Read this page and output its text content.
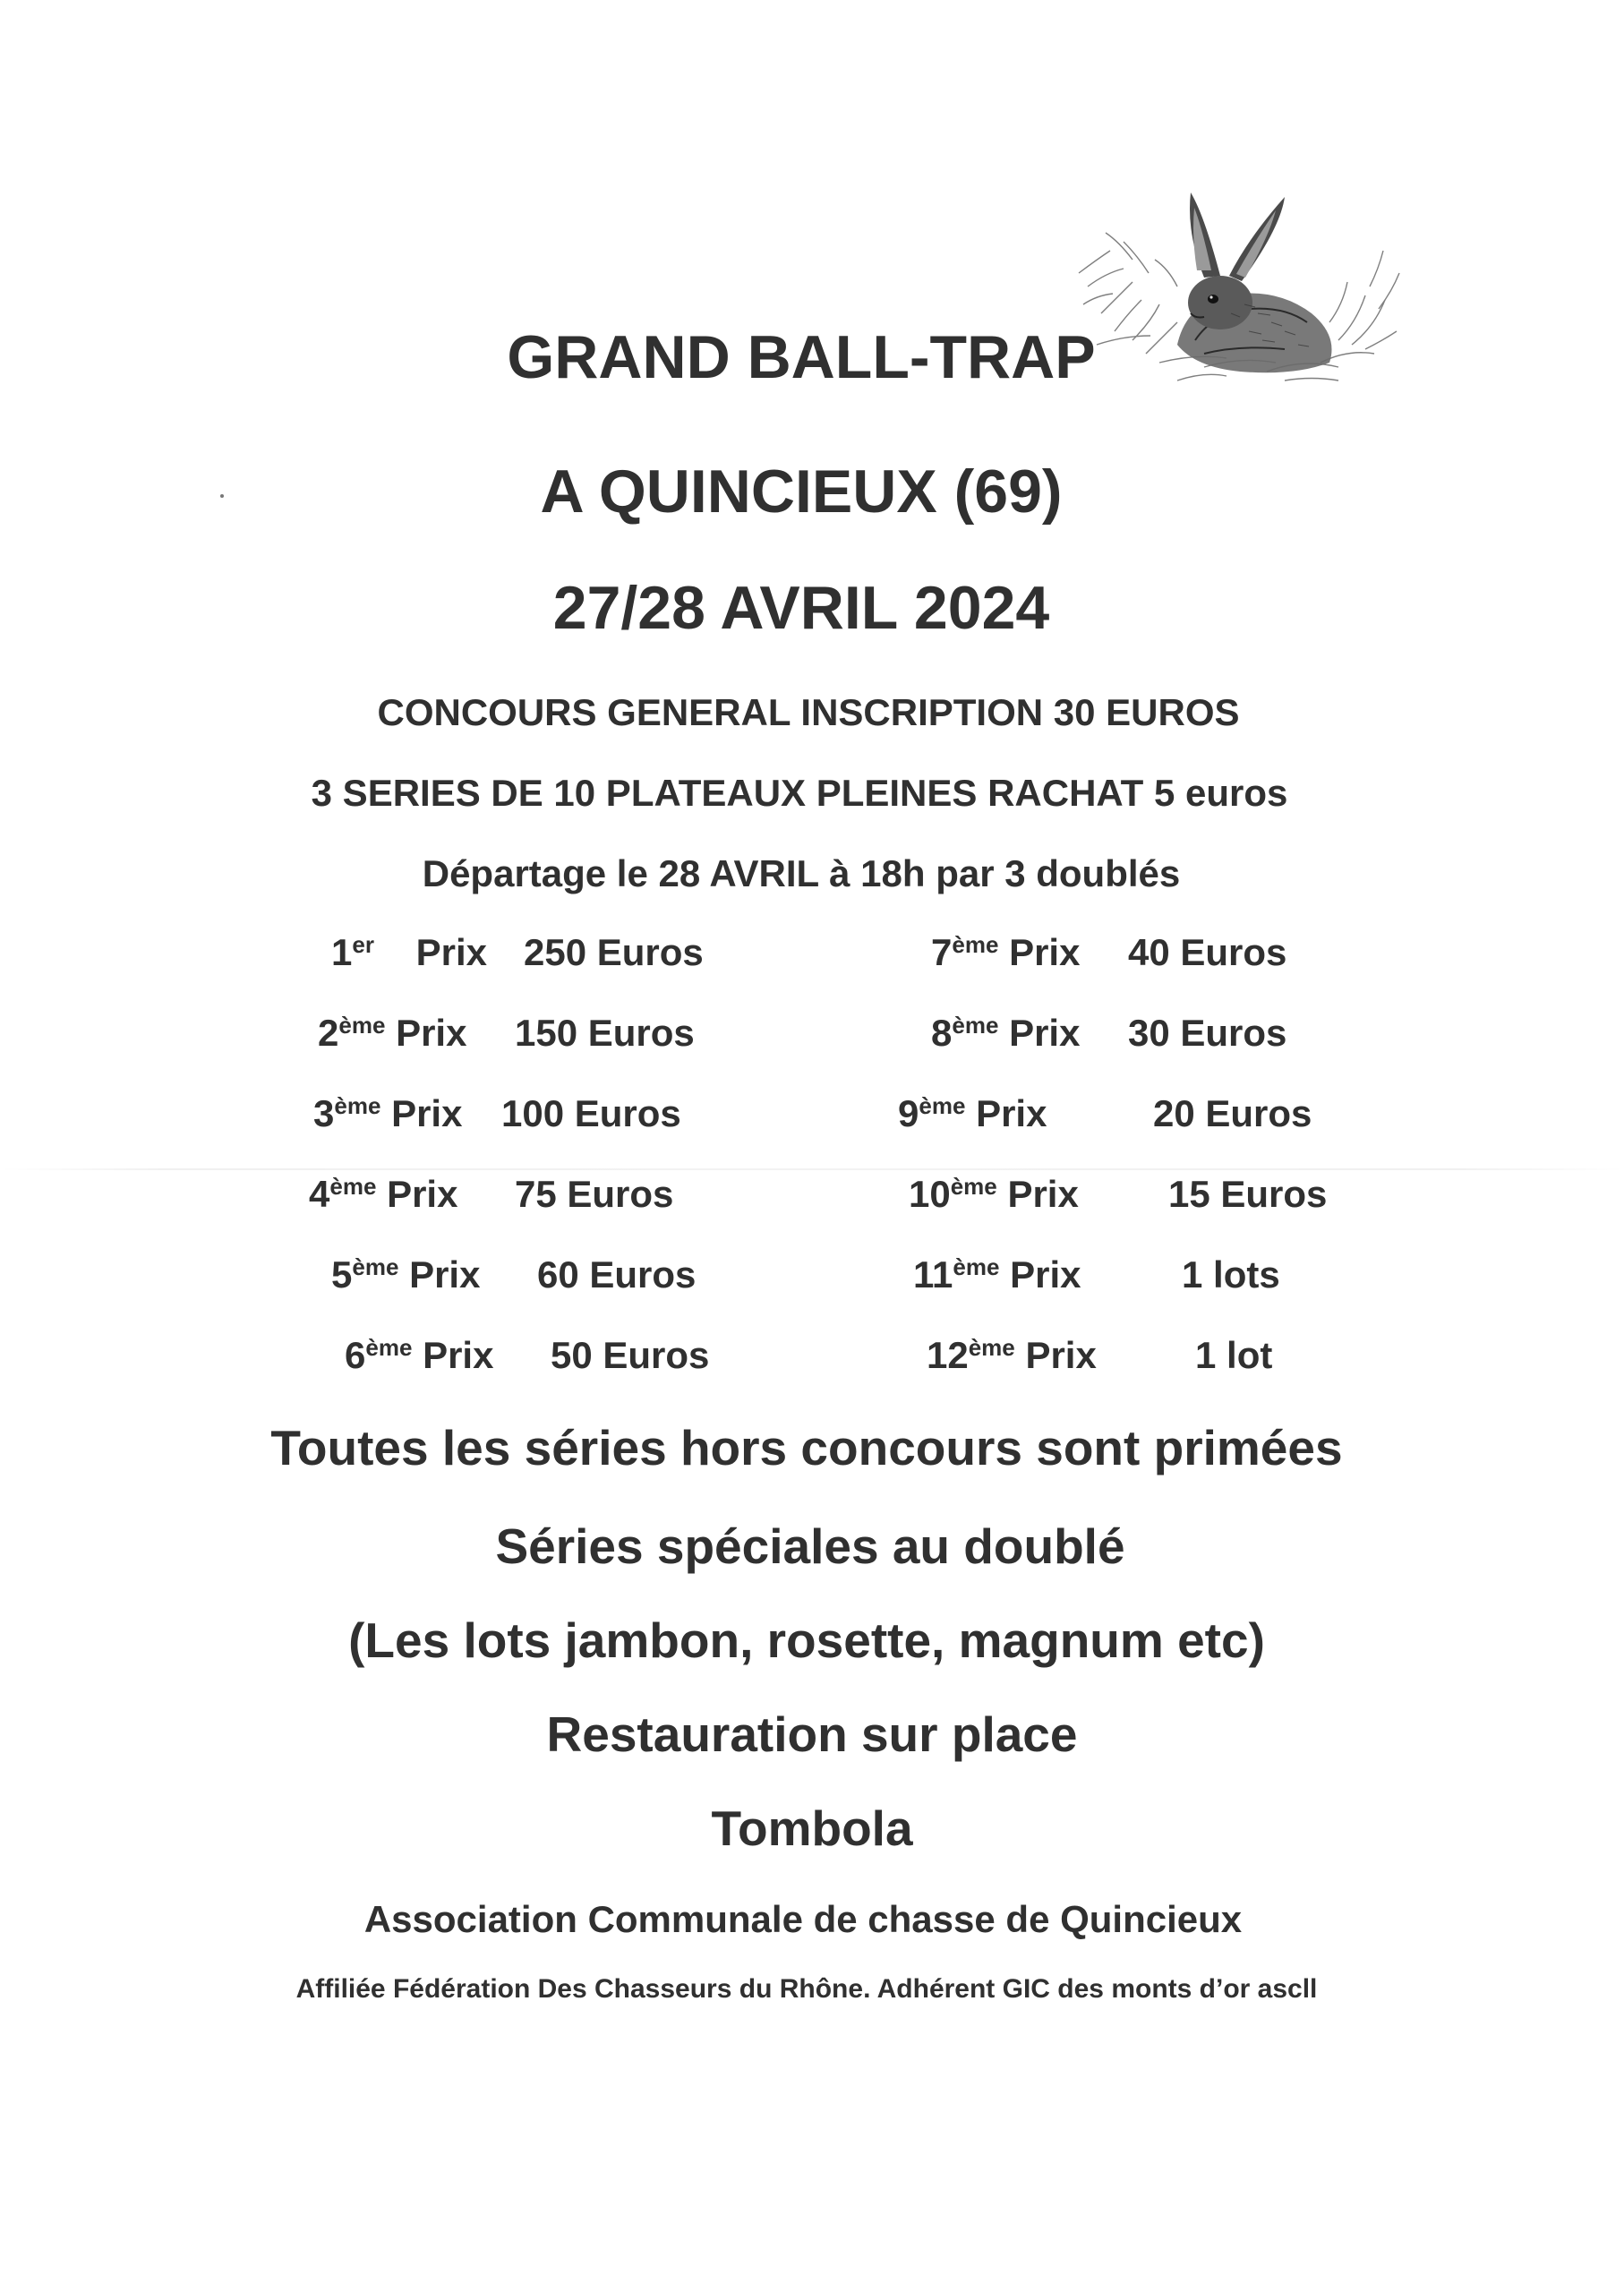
GRAND BALL-TRAP
A QUINCIEUX (69)
27/28 AVRIL 2024
CONCOURS GENERAL INSCRIPTION 30 EUROS
3 SERIES DE 10 PLATEAUX PLEINES RACHAT 5 euros
Départage le 28 AVRIL à 18h par 3 doublés
1er Prix 250 Euros
2ème Prix 150 Euros
3ème Prix 100 Euros
4ème Prix 75 Euros
5ème Prix 60 Euros
6ème Prix 50 Euros
7ème Prix 40 Euros
8ème Prix 30 Euros
9ème Prix	20 Euros
10ème Prix 15 Euros
11ème Prix	1 lots
12ème Prix	1 lot
Toutes les séries hors concours sont primées
Séries spéciales au doublé
(Les lots jambon, rosette, magnum etc)
Restauration sur place
Tombola
Association Communale de chasse de Quincieux
Affiliée Fédération Des Chasseurs du Rhône. Adhérent GIC des monts d’or ascll
